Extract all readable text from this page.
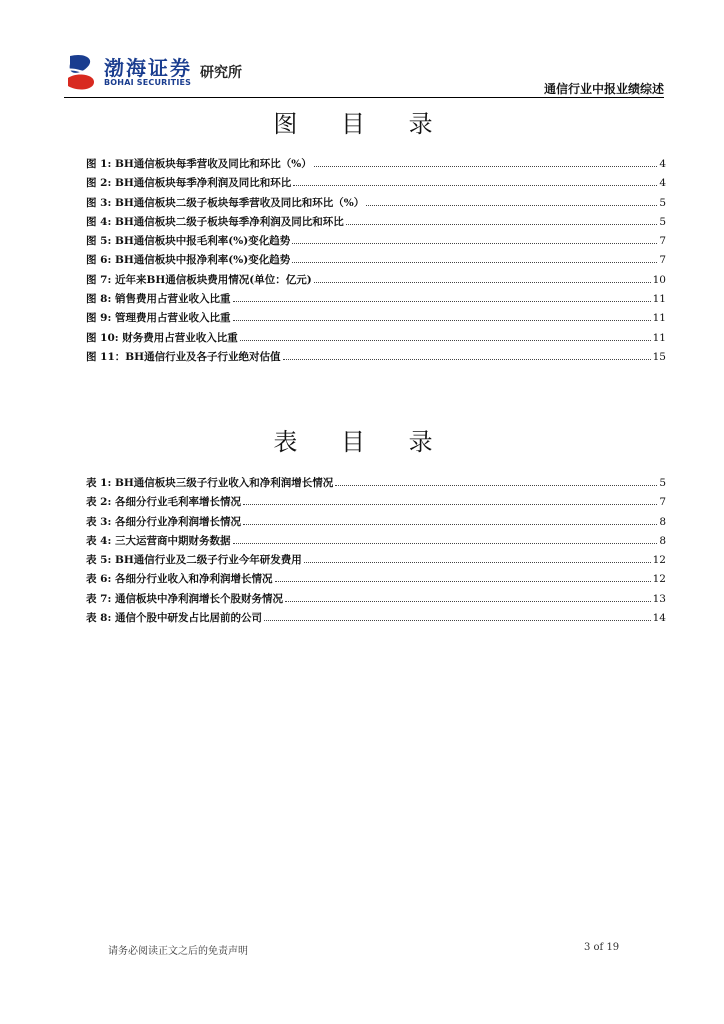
渤海证券
BOHAI SECURITIES
研究所
通信行业中报业绩综述
图 目 录
图 1: BH通信板块每季营收及同比和环比（%）	4
图 2: BH通信板块每季净利润及同比和环比	4
图 3: BH通信板块二级子板块每季营收及同比和环比（%）	5
图 4: BH通信板块二级子板块每季净利润及同比和环比	5
图 5: BH通信板块中报毛利率(%)变化趋势	7
图 6: BH通信板块中报净利率(%)变化趋势	7
图 7: 近年来BH通信板块费用情况(单位：亿元)	10
图 8: 销售费用占营业收入比重	11
图 9: 管理费用占营业收入比重	11
图 10: 财务费用占营业收入比重	11
图 11：BH通信行业及各子行业绝对估值	15
表 目 录
表 1: BH通信板块三级子行业收入和净利润增长情况	5
表 2: 各细分行业毛利率增长情况	7
表 3: 各细分行业净利润增长情况	8
表 4: 三大运营商中期财务数据	8
表 5: BH通信行业及二级子行业今年研发费用	12
表 6: 各细分行业收入和净利润增长情况	12
表 7: 通信板块中净利润增长个股财务情况	13
表 8: 通信个股中研发占比居前的公司	14
请务必阅读正文之后的免责声明	3 of 19
